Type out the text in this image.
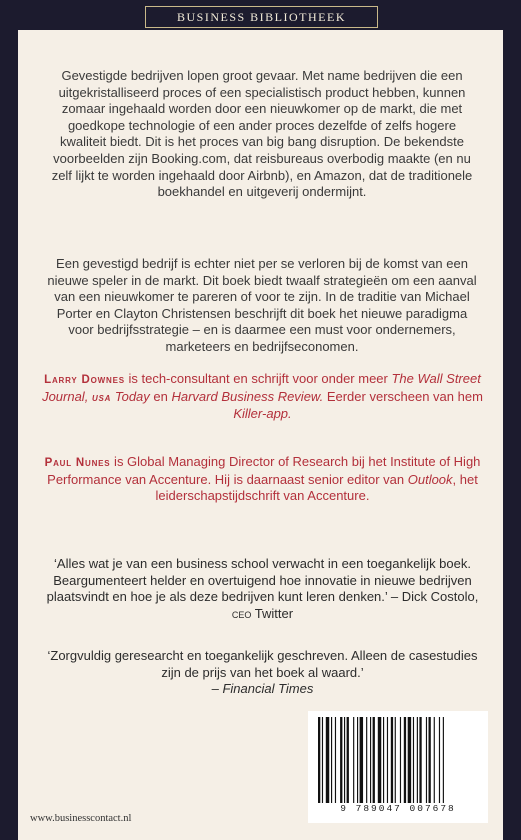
BUSINESS BIBLIOTHEEK

Gevestigde bedrijven lopen groot gevaar. Met name bedrijven die een uitgekristalliseerd proces of een specialistisch product hebben, kunnen zomaar ingehaald worden door een nieuwkomer op de markt, die met goedkope technologie of een ander proces dezelfde of zelfs hogere kwaliteit biedt. Dit is het proces van big bang disruption. De bekendste voorbeelden zijn Booking.com, dat reisbureaus overbodig maakte (en nu zelf lijkt te worden ingehaald door Airbnb), en Amazon, dat de traditionele boekhandel en uitgeverij ondermijnt.

Een gevestigd bedrijf is echter niet per se verloren bij de komst van een nieuwe speler in de markt. Dit boek biedt twaalf strategieën om een aanval van een nieuwkomer te pareren of voor te zijn. In de traditie van Michael Porter en Clayton Christensen beschrijft dit boek het nieuwe paradigma voor bedrijfsstrategie – en is daarmee een must voor ondernemers, marketeers en bedrijfseconomen.

Larry Downes is tech-consultant en schrijft voor onder meer The Wall Street Journal, usa Today en Harvard Business Review. Eerder verscheen van hem Killer-app.

Paul Nunes is Global Managing Director of Research bij het Institute of High Performance van Accenture. Hij is daarnaast senior editor van Outlook, het leiderschapstijdschrift van Accenture.

‘Alles wat je van een business school verwacht in een toegankelijk boek. Beargumenteert helder en overtuigend hoe innovatie in nieuwe bedrijven plaatsvindt en hoe je als deze bedrijven kunt leren denken.’ – Dick Costolo, ceo Twitter

‘Zorgvuldig geresearcht en toegankelijk geschreven. Alleen de casestudies zijn de prijs van het boek al waard.’
– Financial Times

9 789047 007678
www.businesscontact.nl
